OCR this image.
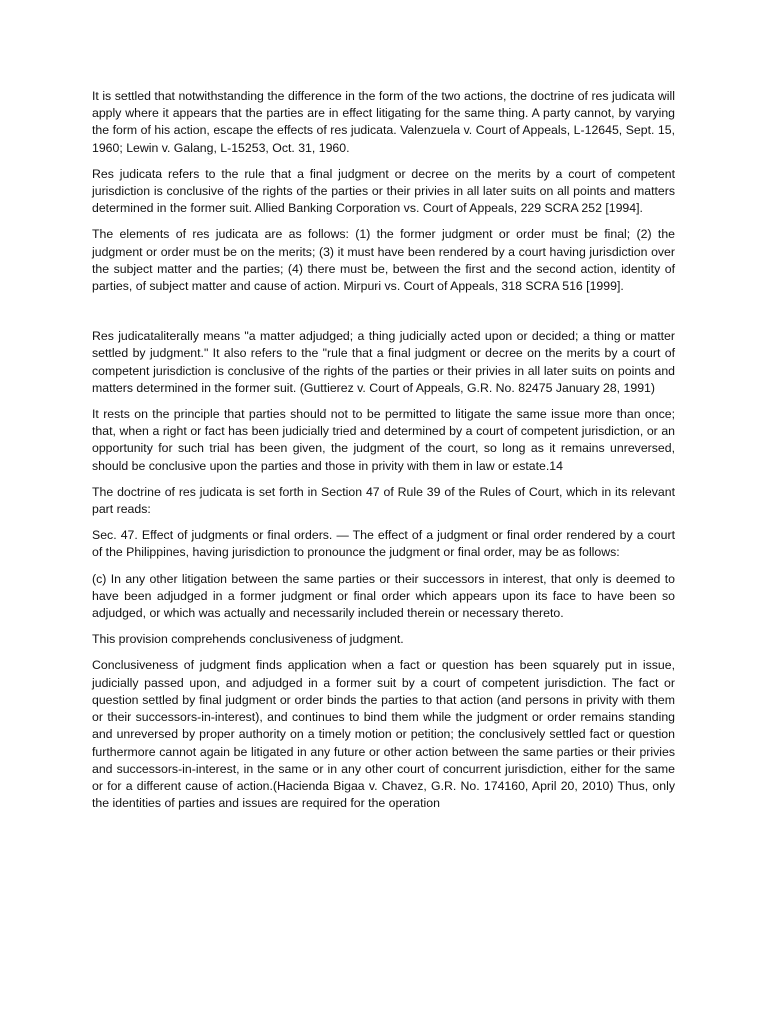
It is settled that notwithstanding the difference in the form of the two actions, the doctrine of res judicata will apply where it appears that the parties are in effect litigating for the same thing. A party cannot, by varying the form of his action, escape the effects of res judicata. Valenzuela v. Court of Appeals, L-12645, Sept. 15, 1960; Lewin v. Galang, L-15253, Oct. 31, 1960.

Res judicata refers to the rule that a final judgment or decree on the merits by a court of competent jurisdiction is conclusive of the rights of the parties or their privies in all later suits on all points and matters determined in the former suit. Allied Banking Corporation vs. Court of Appeals, 229 SCRA 252 [1994].

The elements of res judicata are as follows: (1) the former judgment or order must be final; (2) the judgment or order must be on the merits; (3) it must have been rendered by a court having jurisdiction over the subject matter and the parties; (4) there must be, between the first and the second action, identity of parties, of subject matter and cause of action. Mirpuri vs. Court of Appeals, 318 SCRA 516 [1999].

Res judicataliterally means "a matter adjudged; a thing judicially acted upon or decided; a thing or matter settled by judgment." It also refers to the "rule that a final judgment or decree on the merits by a court of competent jurisdiction is conclusive of the rights of the parties or their privies in all later suits on points and matters determined in the former suit. (Guttierez v. Court of Appeals, G.R. No. 82475 January 28, 1991)

It rests on the principle that parties should not to be permitted to litigate the same issue more than once; that, when a right or fact has been judicially tried and determined by a court of competent jurisdiction, or an opportunity for such trial has been given, the judgment of the court, so long as it remains unreversed, should be conclusive upon the parties and those in privity with them in law or estate.14

The doctrine of res judicata is set forth in Section 47 of Rule 39 of the Rules of Court, which in its relevant part reads:

Sec. 47. Effect of judgments or final orders. — The effect of a judgment or final order rendered by a court of the Philippines, having jurisdiction to pronounce the judgment or final order, may be as follows:

(c) In any other litigation between the same parties or their successors in interest, that only is deemed to have been adjudged in a former judgment or final order which appears upon its face to have been so adjudged, or which was actually and necessarily included therein or necessary thereto.

This provision comprehends conclusiveness of judgment.

Conclusiveness of judgment finds application when a fact or question has been squarely put in issue, judicially passed upon, and adjudged in a former suit by a court of competent jurisdiction. The fact or question settled by final judgment or order binds the parties to that action (and persons in privity with them or their successors-in-interest), and continues to bind them while the judgment or order remains standing and unreversed by proper authority on a timely motion or petition; the conclusively settled fact or question furthermore cannot again be litigated in any future or other action between the same parties or their privies and successors-in-interest, in the same or in any other court of concurrent jurisdiction, either for the same or for a different cause of action.(Hacienda Bigaa v. Chavez, G.R. No. 174160, April 20, 2010) Thus, only the identities of parties and issues are required for the operation
